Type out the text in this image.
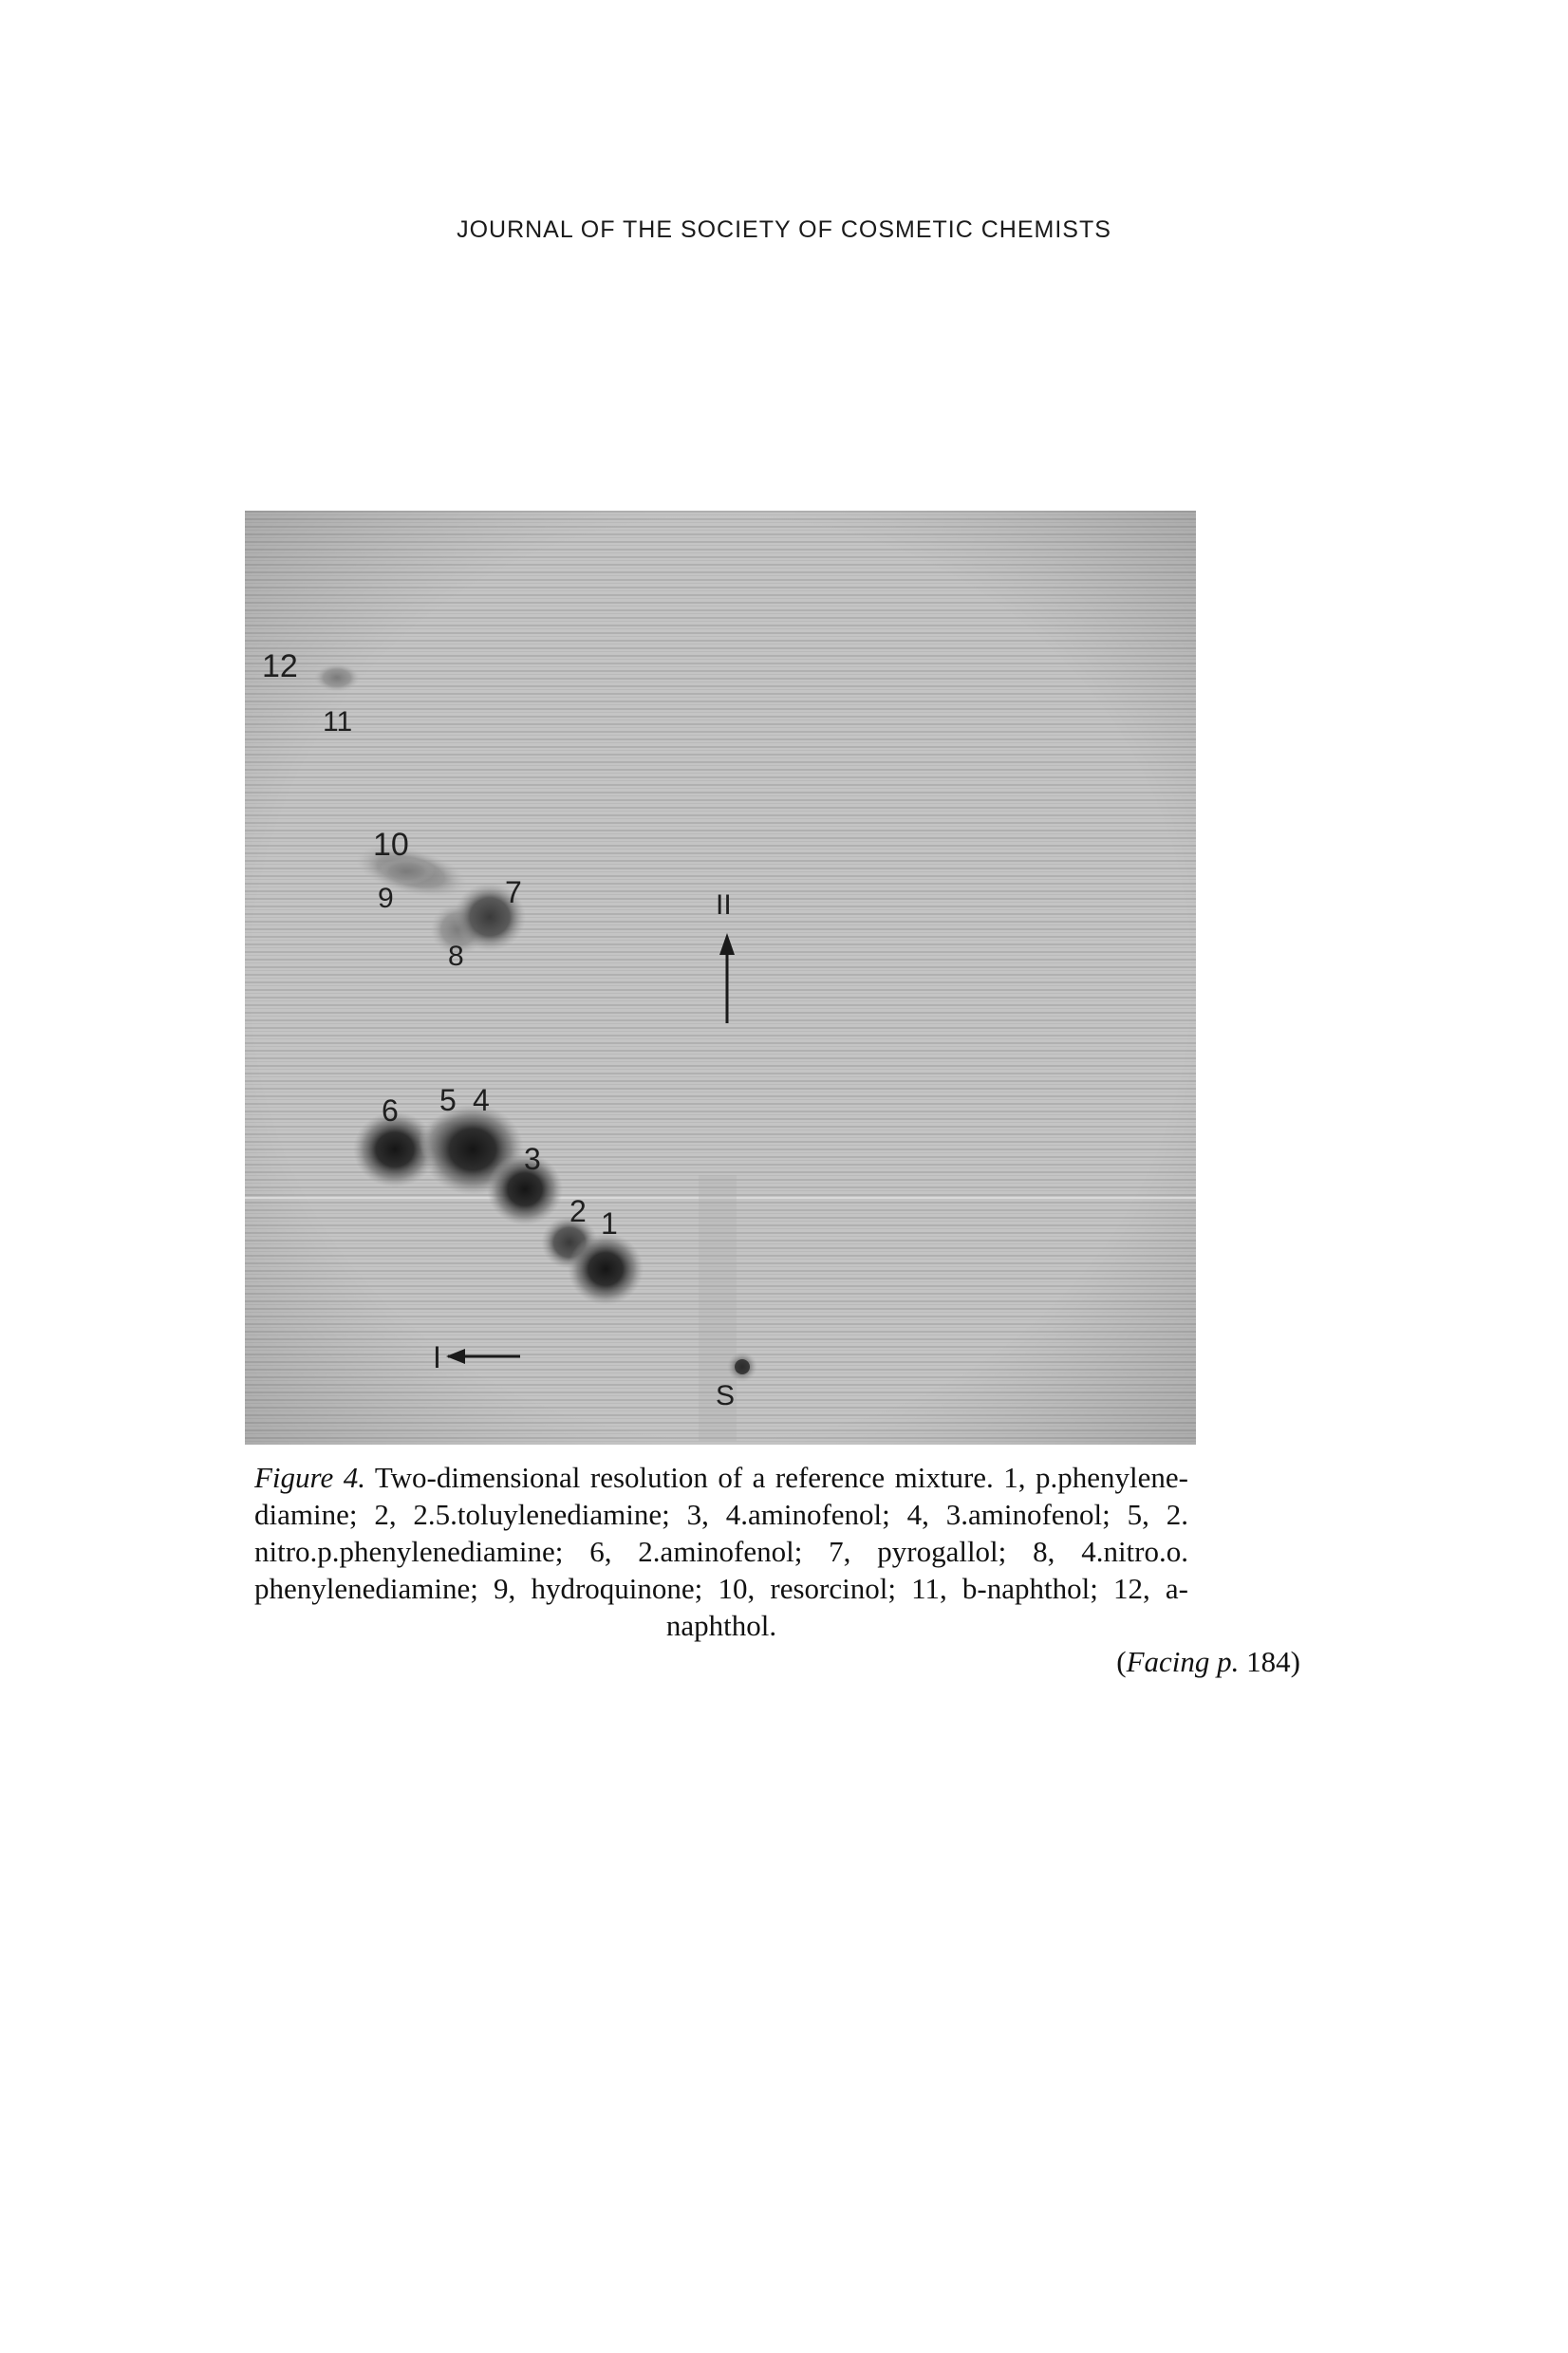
JOURNAL OF THE SOCIETY OF COSMETIC CHEMISTS
12
11
10
9
8
7
6 5 4
3
2 1
S
I
II
Figure 4. Two-dimensional resolution of a reference mixture. 1, p.phenylene-diamine; 2, 2.5.toluylenediamine; 3, 4.aminofenol; 4, 3.aminofenol; 5, 2. nitro.p.phenylenediamine; 6, 2.aminofenol; 7, pyrogallol; 8, 4.nitro.o. phenylenediamine; 9, hydroquinone; 10, resorcinol; 11, b-naphthol; 12, a-naphthol.
(Facing p. 184)
